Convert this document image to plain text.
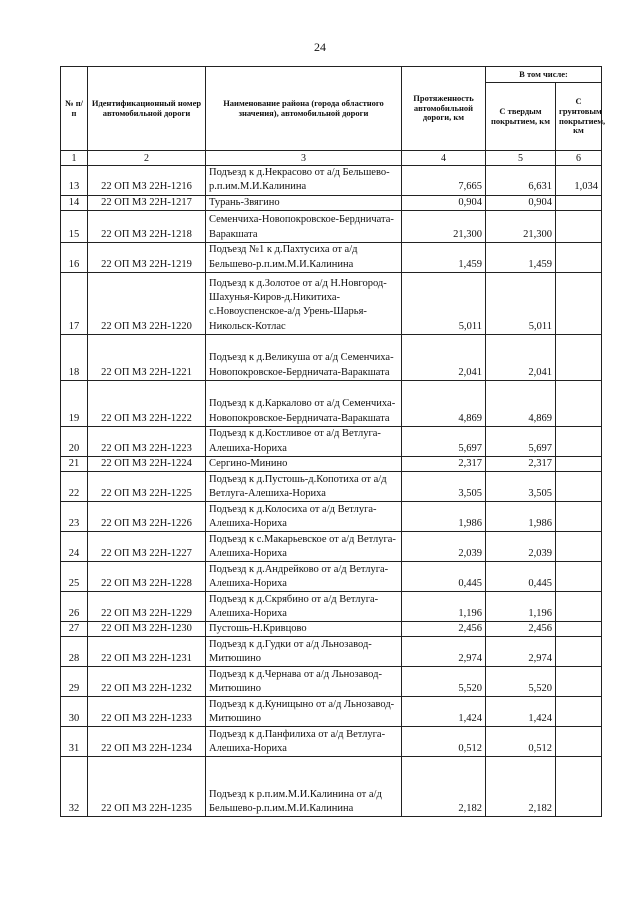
24
№ п/п	Идентификационный номер автомобильной дороги	Наименование района (города областного значения), автомобильной дороги	Протяженность автомобильной дороги, км	В том числе:	
				С твердым покрытием, км	С грунтовым покрытием, км
1	2	3	4	5	6
13	22 ОП МЗ 22Н-1216	Подъезд к д.Некрасово от а/д Бельшево-р.п.им.М.И.Калинина	7,665	6,631	1,034
14	22 ОП МЗ 22Н-1217	Турань-Звягино	0,904	0,904	
15	22 ОП МЗ 22Н-1218	Семенчиха-Новопокровское-Бердничата-Варакшата	21,300	21,300	
16	22 ОП МЗ 22Н-1219	Подъезд №1 к д.Пахтусиха от а/д Бельшево-р.п.им.М.И.Калинина	1,459	1,459	
17	22 ОП МЗ 22Н-1220	Подъезд к д.Золотое от а/д Н.Новгород-Шахунья-Киров-д.Никитиха-с.Новоуспенское-а/д Урень-Шарья-Никольск-Котлас	5,011	5,011	
18	22 ОП МЗ 22Н-1221	Подъезд к д.Великуша от а/д Семенчиха-Новопокровское-Бердничата-Варакшата	2,041	2,041	
19	22 ОП МЗ 22Н-1222	Подъезд к д.Каркалово от а/д Семенчиха-Новопокровское-Бердничата-Варакшата	4,869	4,869	
20	22 ОП МЗ 22Н-1223	Подъезд к д.Костливое от а/д Ветлуга-Алешиха-Нориха	5,697	5,697	
21	22 ОП МЗ 22Н-1224	Сергино-Минино	2,317	2,317	
22	22 ОП МЗ 22Н-1225	Подъезд к д.Пустошь-д.Копотиха от а/д Ветлуга-Алешиха-Нориха	3,505	3,505	
23	22 ОП МЗ 22Н-1226	Подъезд к д.Колосиха от а/д Ветлуга-Алешиха-Нориха	1,986	1,986	
24	22 ОП МЗ 22Н-1227	Подъезд к с.Макарьевское от а/д Ветлуга-Алешиха-Нориха	2,039	2,039	
25	22 ОП МЗ 22Н-1228	Подъезд к д.Андрейково от а/д Ветлуга-Алешиха-Нориха	0,445	0,445	
26	22 ОП МЗ 22Н-1229	Подъезд к д.Скрябино от а/д Ветлуга-Алешиха-Нориха	1,196	1,196	
27	22 ОП МЗ 22Н-1230	Пустошь-Н.Кривцово	2,456	2,456	
28	22 ОП МЗ 22Н-1231	Подъезд к д.Гудки от а/д Льнозавод-Митюшино	2,974	2,974	
29	22 ОП МЗ 22Н-1232	Подъезд к д.Чернава от а/д Льнозавод-Митюшино	5,520	5,520	
30	22 ОП МЗ 22Н-1233	Подъезд к д.Кунищыно от а/д Льнозавод-Митюшино	1,424	1,424	
31	22 ОП МЗ 22Н-1234	Подъезд к д.Панфилиха от а/д Ветлуга-Алешиха-Нориха	0,512	0,512	
32	22 ОП МЗ 22Н-1235	Подъезд к р.п.им.М.И.Калинина от а/д Бельшево-р.п.им.М.И.Калинина	2,182	2,182	
